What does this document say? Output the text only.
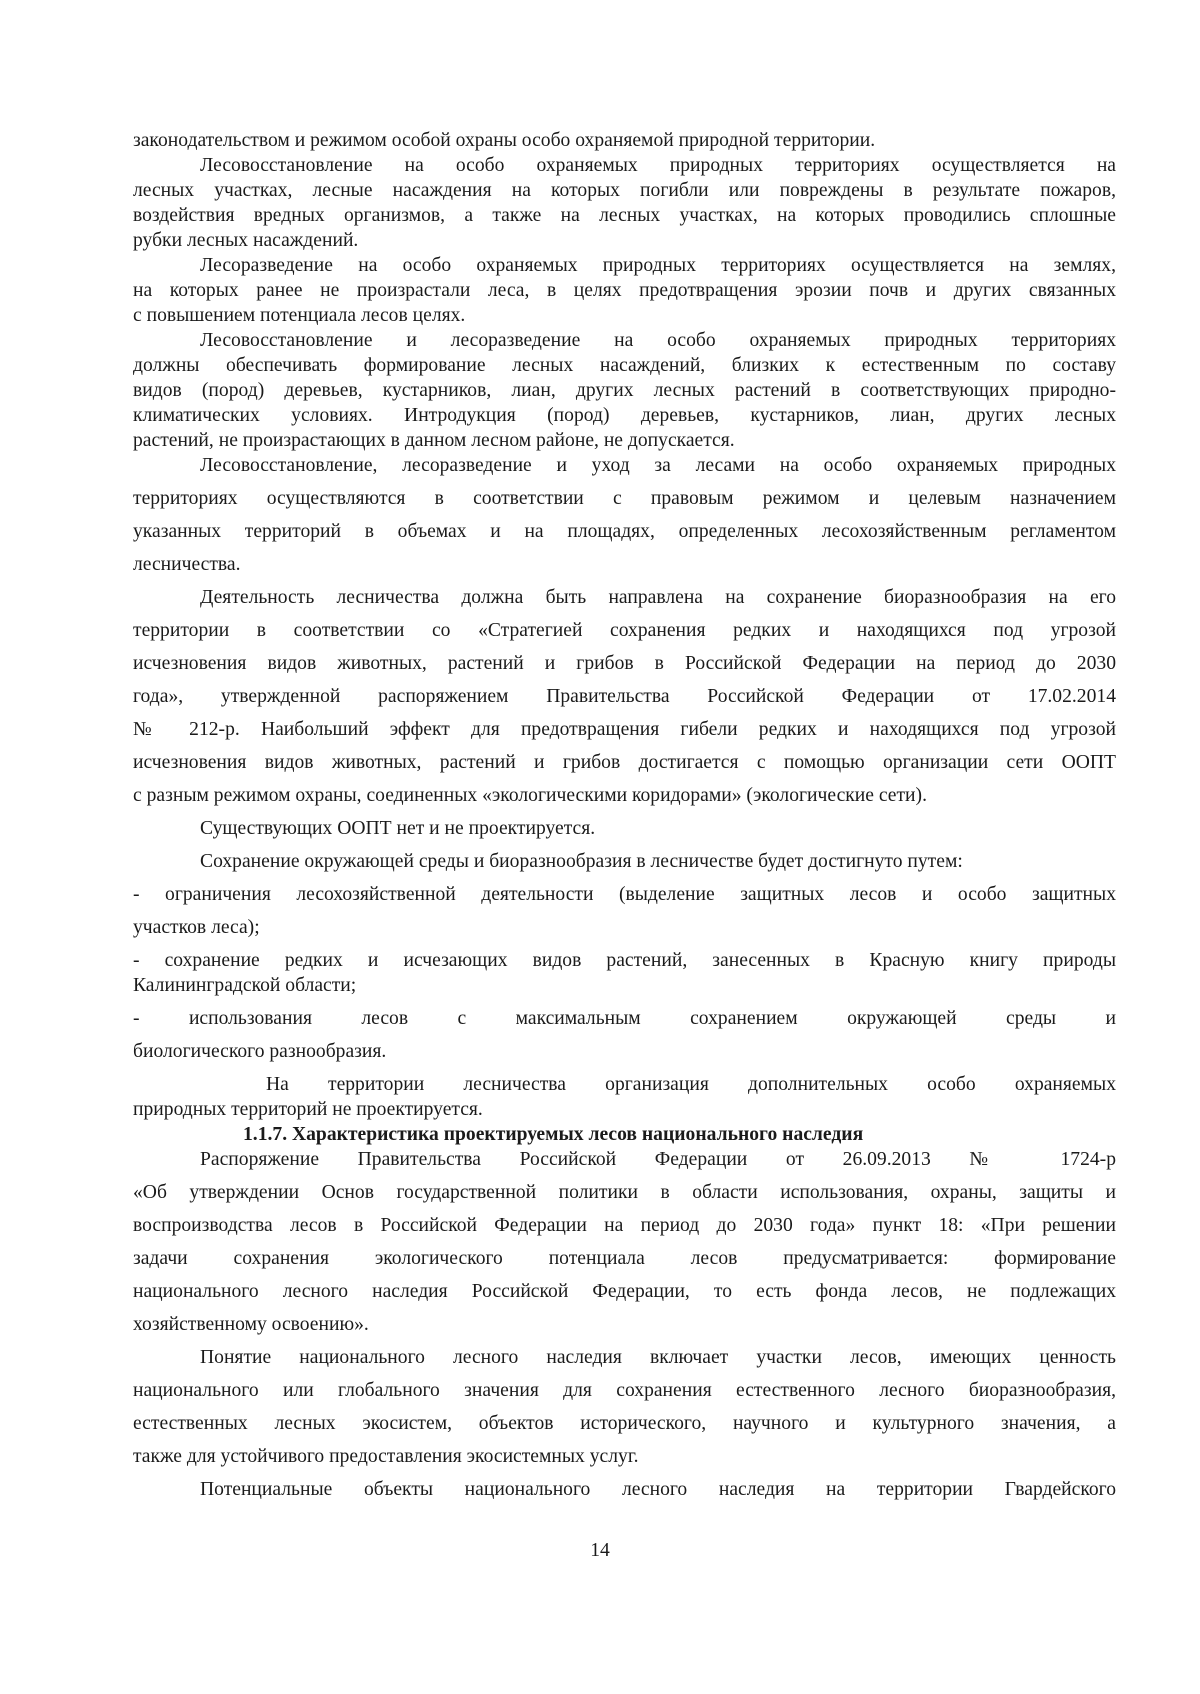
законодательством и режимом особой охраны особо охраняемой природной территории.
Лесовосстановление на особо охраняемых природных территориях осуществляется на
лесных участках, лесные насаждения на которых погибли или повреждены в результате пожаров,
воздействия вредных организмов, а также на лесных участках, на которых проводились сплошные
рубки лесных насаждений.
Лесоразведение на особо охраняемых природных территориях осуществляется на землях,
на которых ранее не произрастали леса, в целях предотвращения эрозии почв и других связанных
с повышением потенциала лесов целях.
Лесовосстановление и лесоразведение на особо охраняемых природных территориях
должны обеспечивать формирование лесных насаждений, близких к естественным по составу
видов (пород) деревьев, кустарников, лиан, других лесных растений в соответствующих природно-
климатических условиях. Интродукция (пород) деревьев, кустарников, лиан, других лесных
растений, не произрастающих в данном лесном районе, не допускается.
Лесовосстановление, лесоразведение и уход за лесами на особо охраняемых природных
территориях осуществляются в соответствии с правовым режимом и целевым назначением
указанных территорий в объемах и на площадях, определенных лесохозяйственным регламентом
лесничества.
Деятельность лесничества должна быть направлена на сохранение биоразнообразия на его
территории в соответствии со «Стратегией сохранения редких и находящихся под угрозой
исчезновения видов животных, растений и грибов в Российской Федерации на период до 2030
года», утвержденной распоряжением Правительства Российской Федерации от 17.02.2014
№ 212-р. Наибольший эффект для предотвращения гибели редких и находящихся под угрозой
исчезновения видов животных, растений и грибов достигается с помощью организации сети ООПТ
с разным режимом охраны, соединенных «экологическими коридорами» (экологические сети).
Существующих ООПТ нет и не проектируется.
Сохранение окружающей среды и биоразнообразия в лесничестве будет достигнуто путем:
- ограничения лесохозяйственной деятельности (выделение защитных лесов и особо защитных
участков леса);
- сохранение редких и исчезающих видов растений, занесенных в Красную книгу природы
Калининградской области;
- использования лесов с максимальным сохранением окружающей среды и
биологического разнообразия.
На территории лесничества организация дополнительных особо охраняемых
природных территорий не проектируется.
1.1.7. Характеристика проектируемых лесов национального наследия
Распоряжение Правительства Российской Федерации от 26.09.2013 № 1724-р
«Об утверждении Основ государственной политики в области использования, охраны, защиты и
воспроизводства лесов в Российской Федерации на период до 2030 года» пункт 18: «При решении
задачи сохранения экологического потенциала лесов предусматривается: формирование
национального лесного наследия Российской Федерации, то есть фонда лесов, не подлежащих
хозяйственному освоению».
Понятие национального лесного наследия включает участки лесов, имеющих ценность
национального или глобального значения для сохранения естественного лесного биоразнообразия,
естественных лесных экосистем, объектов исторического, научного и культурного значения, а
также для устойчивого предоставления экосистемных услуг.
Потенциальные объекты национального лесного наследия на территории Гвардейского
14
